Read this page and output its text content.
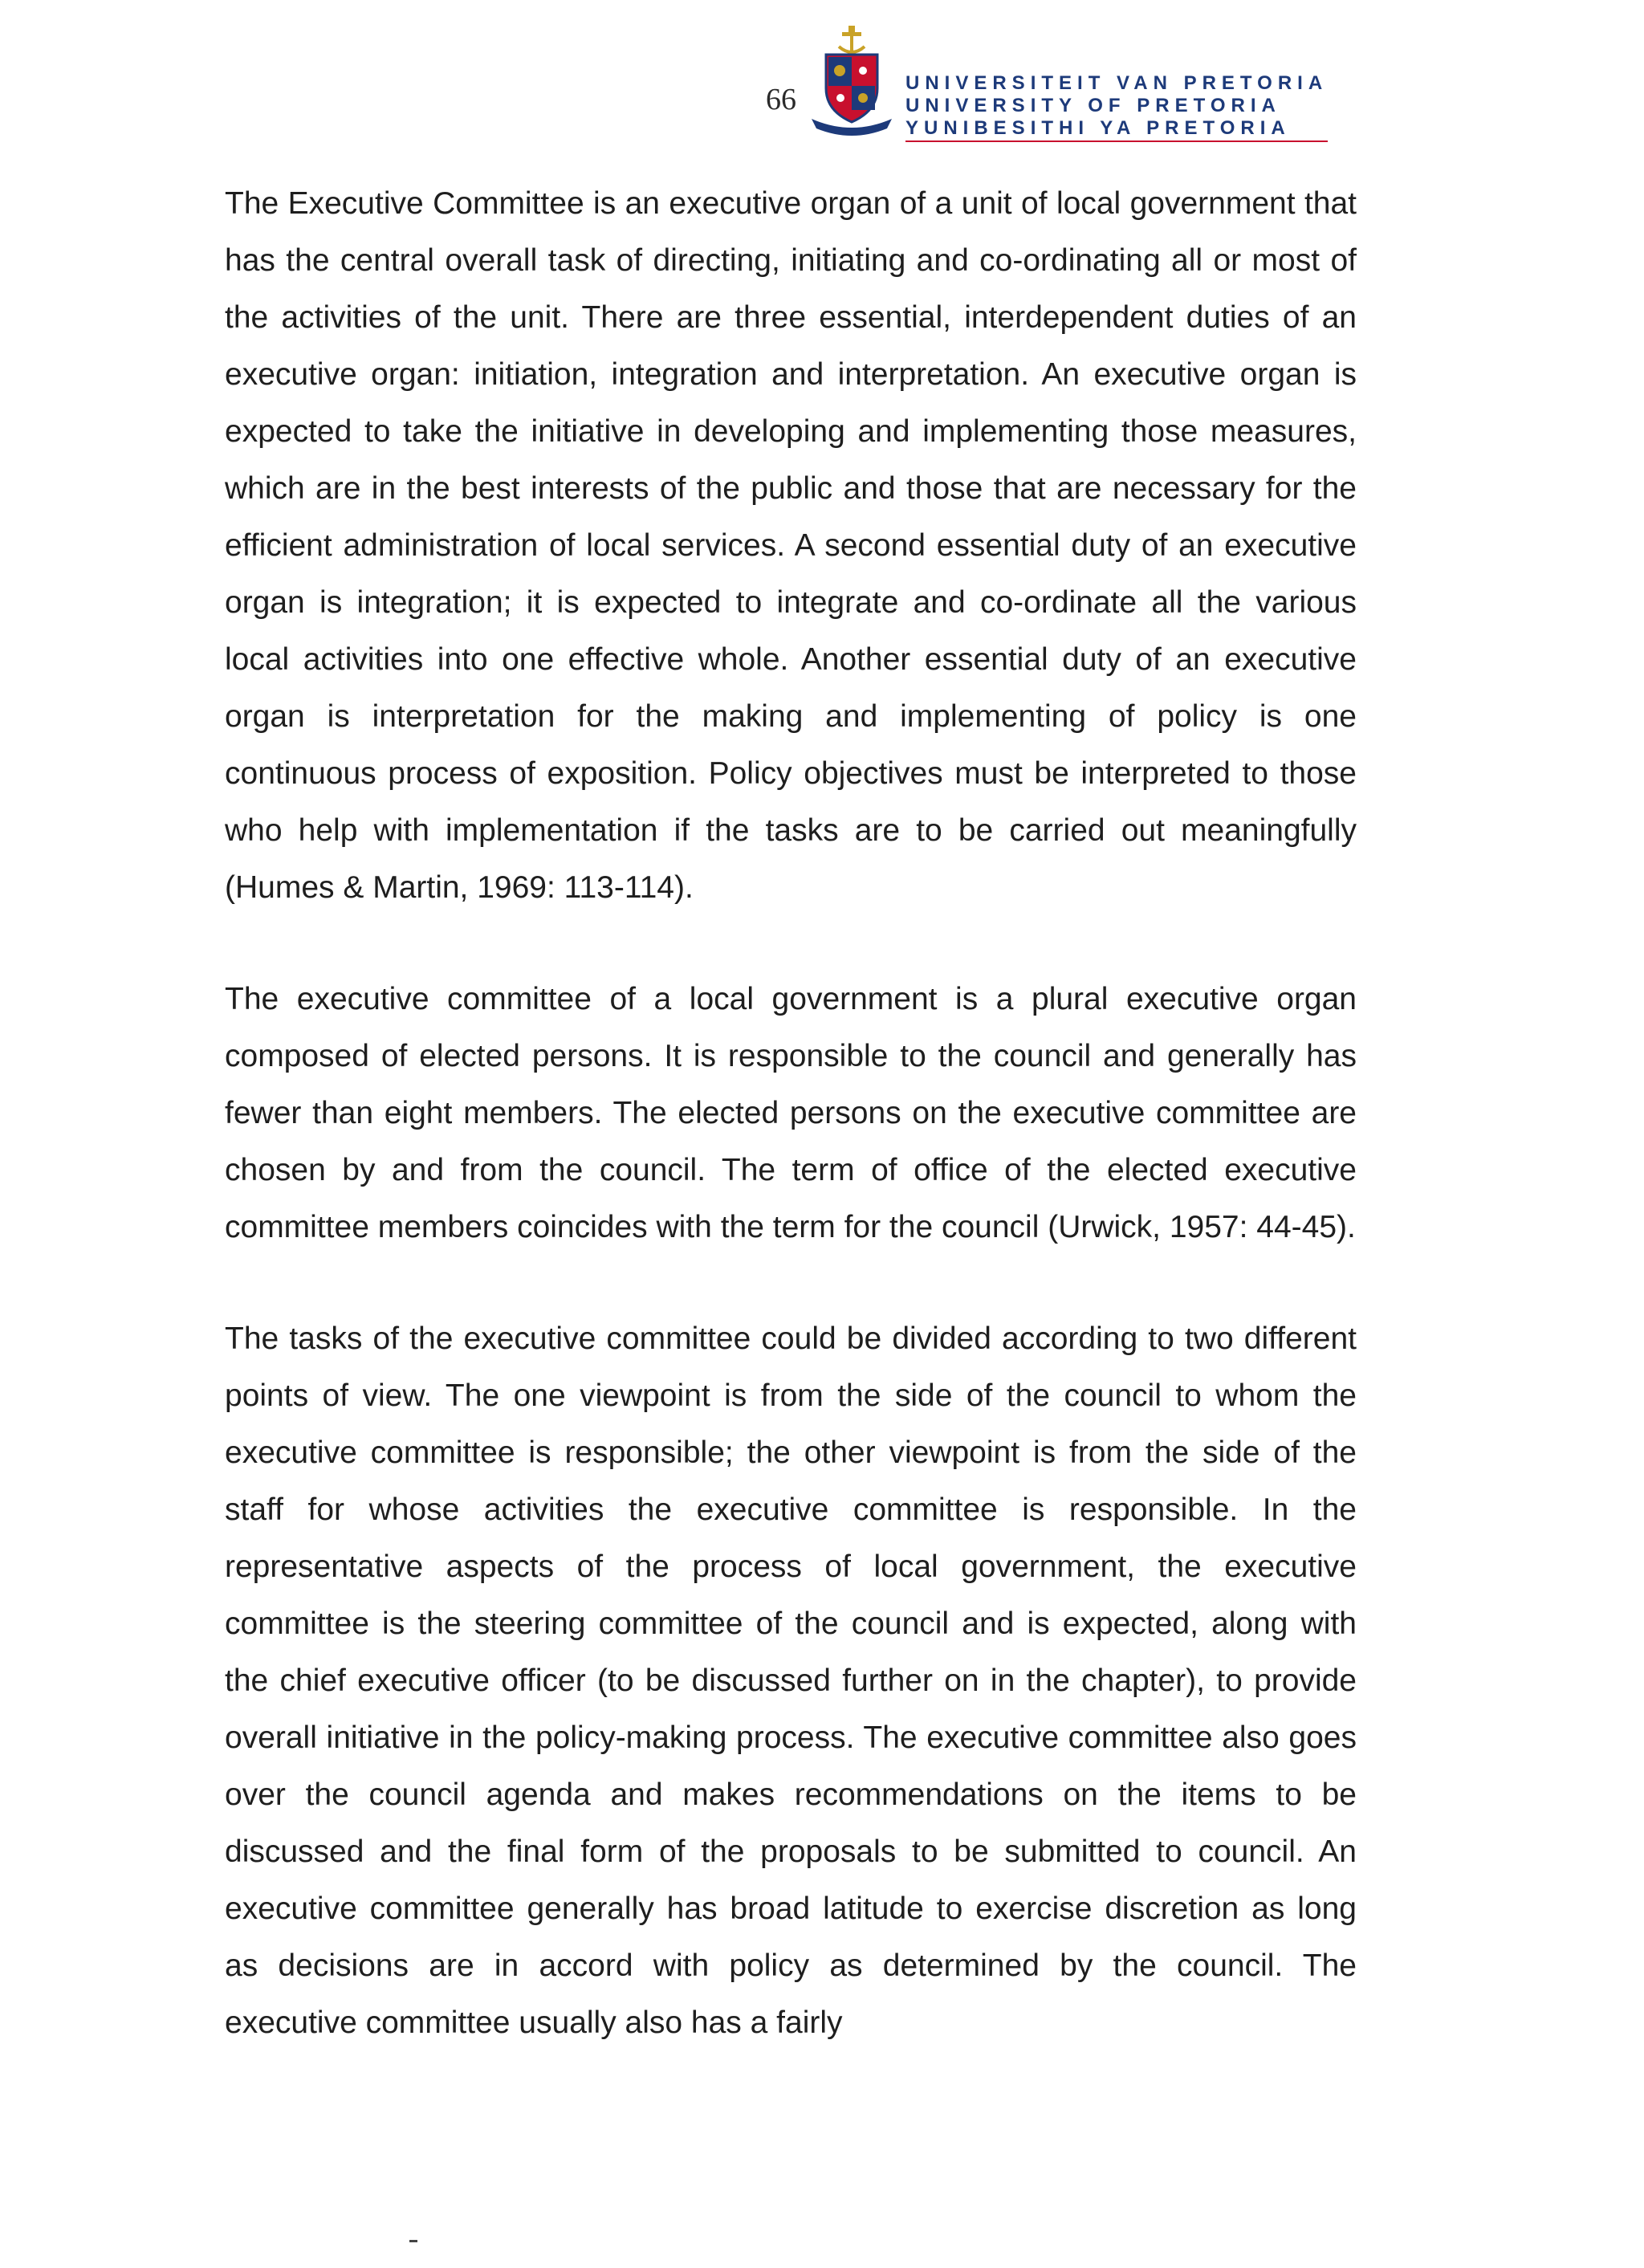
66	UNIVERSITEIT VAN PRETORIA
UNIVERSITY OF PRETORIA
YUNIBESITHI YA PRETORIA

The Executive Committee is an executive organ of a unit of local government that has the central overall task of directing, initiating and co-ordinating all or most of the activities of the unit. There are three essential, interdependent duties of an executive organ: initiation, integration and interpretation. An executive organ is expected to take the initiative in developing and implementing those measures, which are in the best interests of the public and those that are necessary for the efficient administration of local services. A second essential duty of an executive organ is integration; it is expected to integrate and co-ordinate all the various local activities into one effective whole. Another essential duty of an executive organ is interpretation for the making and implementing of policy is one continuous process of exposition. Policy objectives must be interpreted to those who help with implementation if the tasks are to be carried out meaningfully (Humes & Martin, 1969: 113-114).

The executive committee of a local government is a plural executive organ composed of elected persons. It is responsible to the council and generally has fewer than eight members. The elected persons on the executive committee are chosen by and from the council. The term of office of the elected executive committee members coincides with the term for the council (Urwick, 1957: 44-45).

The tasks of the executive committee could be divided according to two different points of view. The one viewpoint is from the side of the council to whom the executive committee is responsible; the other viewpoint is from the side of the staff for whose activities the executive committee is responsible. In the representative aspects of the process of local government, the executive committee is the steering committee of the council and is expected, along with the chief executive officer (to be discussed further on in the chapter), to provide overall initiative in the policy-making process. The executive committee also goes over the council agenda and makes recommendations on the items to be discussed and the final form of the proposals to be submitted to council. An executive committee generally has broad latitude to exercise discretion as long as decisions are in accord with policy as determined by the council. The executive committee usually also has a fairly
